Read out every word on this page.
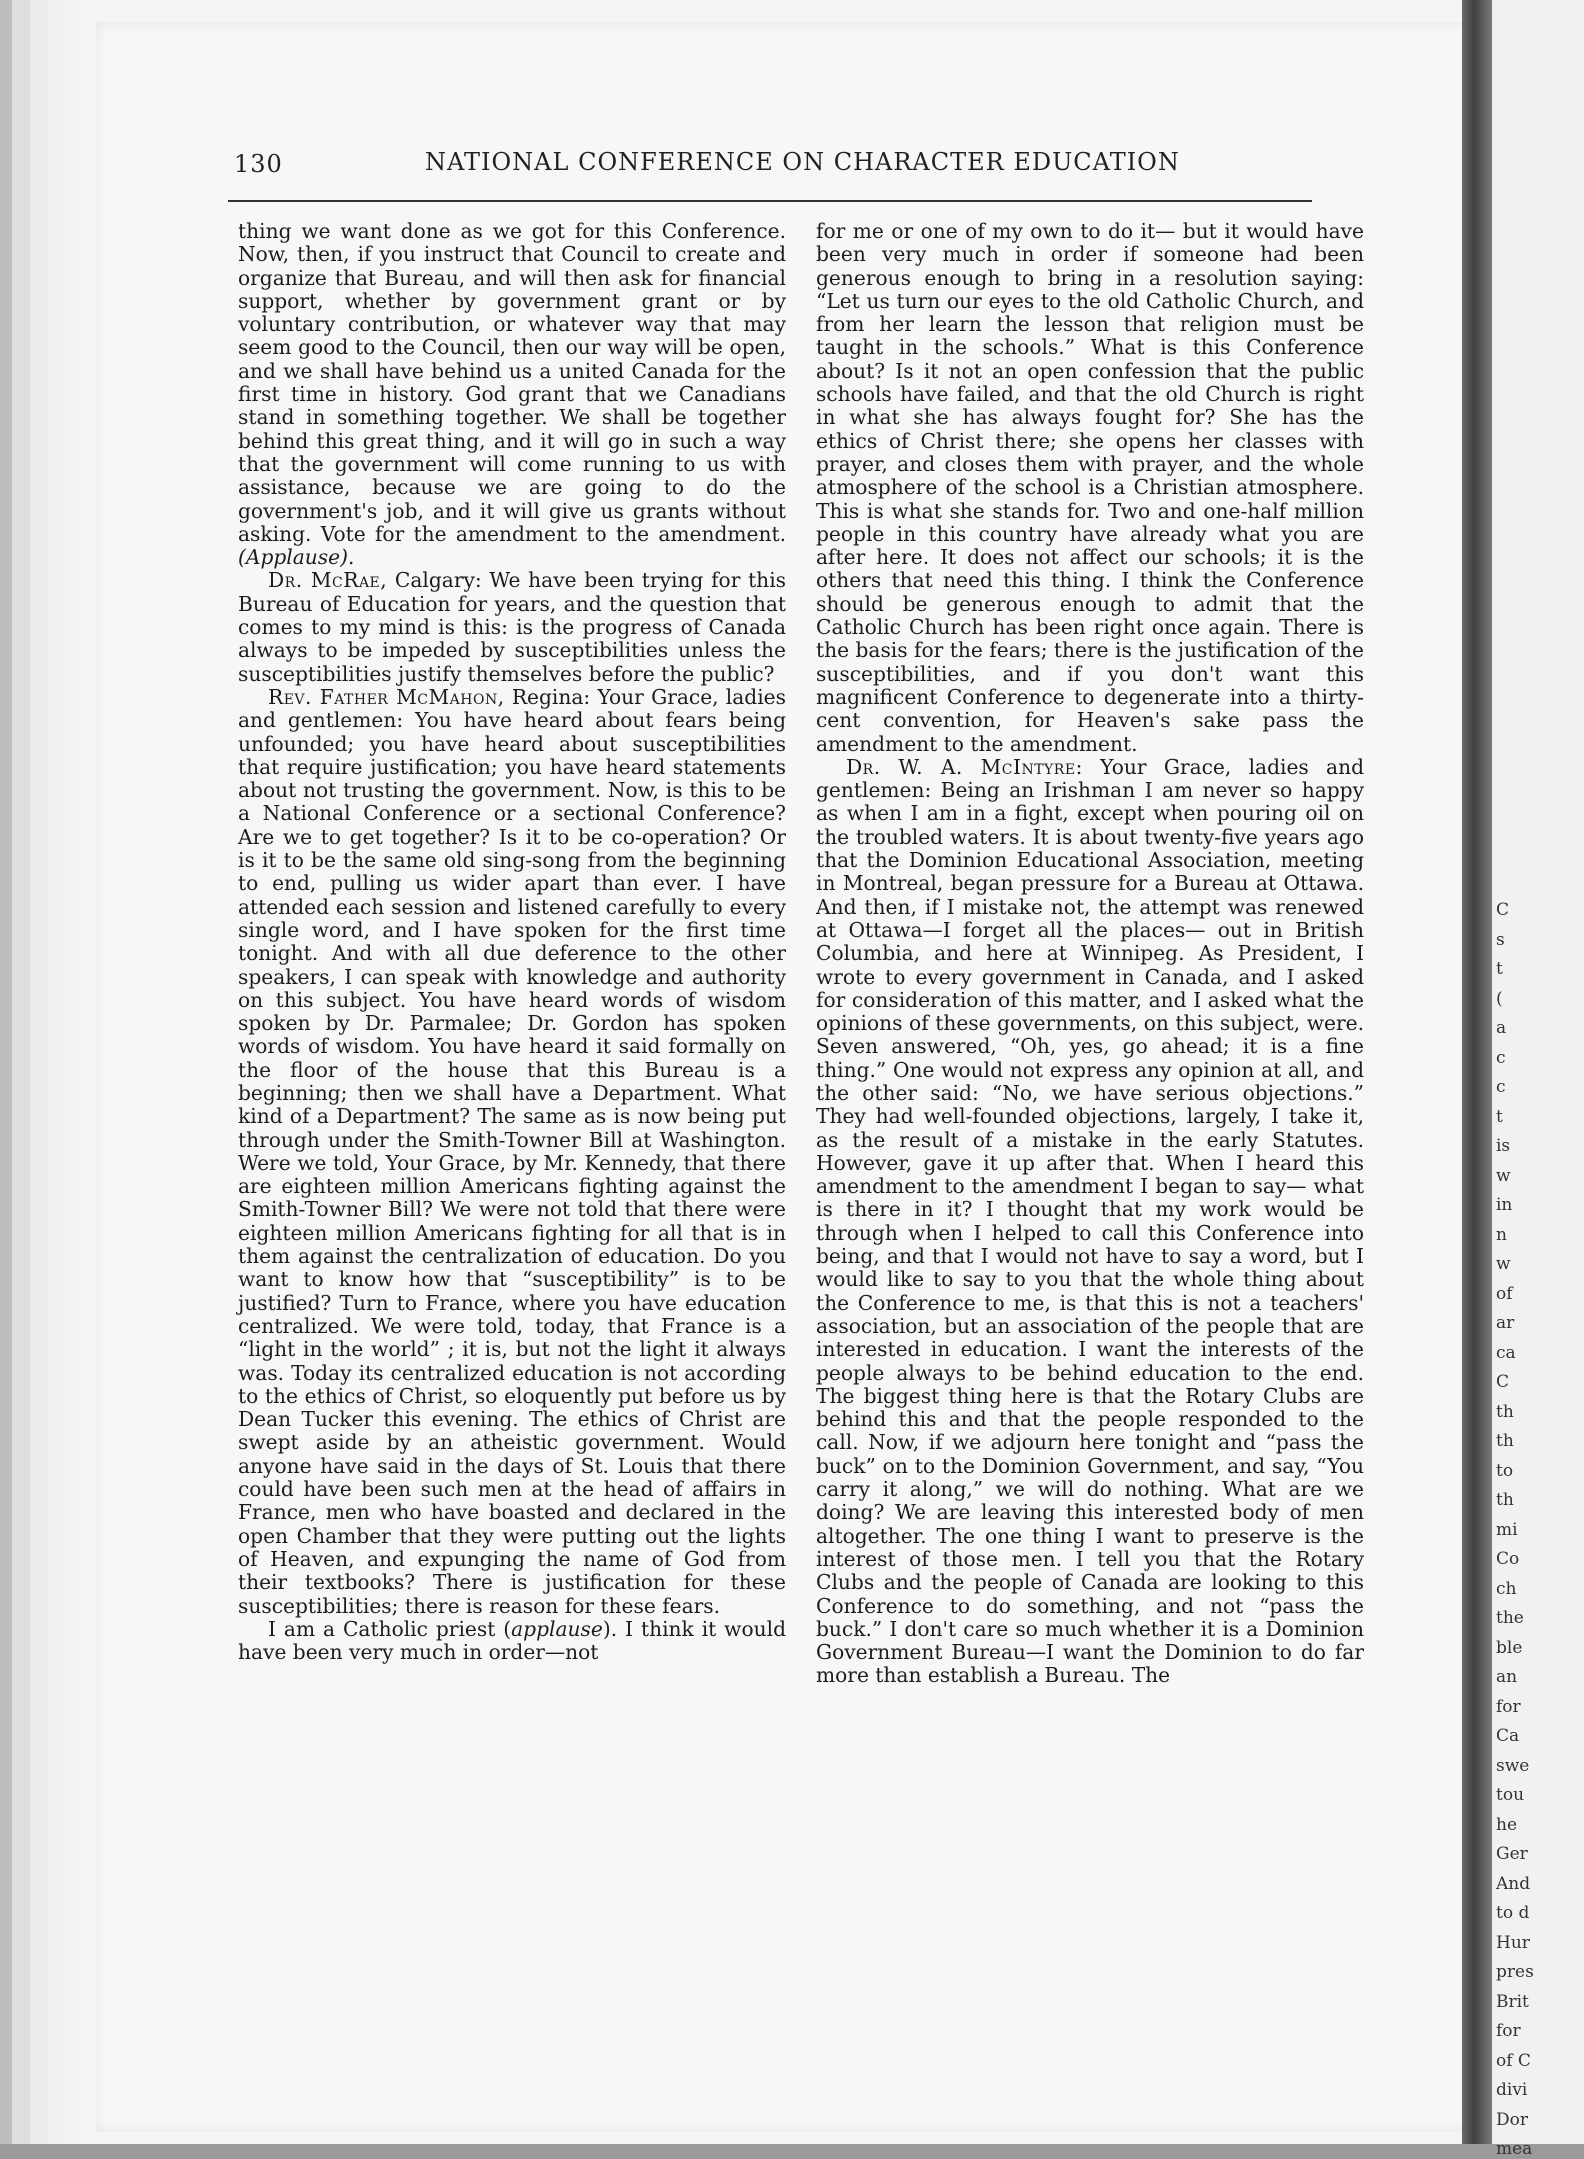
C
s
t
(
a
c
c
t
is
w
in
n
w
of
ar
ca
C
th
th
to
th
mi
Co
ch
the
ble
an
for
Ca
swe
tou
he
Ger
And
to d
Hur
pres
Brit
for
of C
divi
Dor
mea
130	NATIONAL CONFERENCE ON CHARACTER EDUCATION

thing we want done as we got for this Conference. Now, then, if you instruct that Council to create and organize that Bureau, and will then ask for financial support, whether by government grant or by voluntary contribution, or whatever way that may seem good to the Council, then our way will be open, and we shall have behind us a united Canada for the first time in history. God grant that we Canadians stand in something together. We shall be together behind this great thing, and it will go in such a way that the government will come running to us with assistance, because we are going to do the government's job, and it will give us grants without asking. Vote for the amendment to the amendment. (Applause).

Dr. McRae, Calgary: We have been trying for this Bureau of Education for years, and the question that comes to my mind is this: is the progress of Canada always to be impeded by susceptibilities unless the susceptibilities justify themselves before the public?

Rev. Father McMahon, Regina: Your Grace, ladies and gentlemen: You have heard about fears being unfounded; you have heard about susceptibilities that require justification; you have heard statements about not trusting the government. Now, is this to be a National Conference or a sectional Conference? Are we to get together? Is it to be co-operation? Or is it to be the same old sing-song from the beginning to end, pulling us wider apart than ever. I have attended each session and listened carefully to every single word, and I have spoken for the first time tonight. And with all due deference to the other speakers, I can speak with knowledge and authority on this subject. You have heard words of wisdom spoken by Dr. Parmalee; Dr. Gordon has spoken words of wisdom. You have heard it said formally on the floor of the house that this Bureau is a beginning; then we shall have a Department. What kind of a Department? The same as is now being put through under the Smith-Towner Bill at Washington. Were we told, Your Grace, by Mr. Kennedy, that there are eighteen million Americans fighting against the Smith-Towner Bill? We were not told that there were eighteen million Americans fighting for all that is in them against the centralization of education. Do you want to know how that “susceptibility” is to be justified? Turn to France, where you have education centralized. We were told, today, that France is a “light in the world” ; it is, but not the light it always was. Today its centralized education is not according to the ethics of Christ, so eloquently put before us by Dean Tucker this evening. The ethics of Christ are swept aside by an atheistic government. Would anyone have said in the days of St. Louis that there could have been such men at the head of affairs in France, men who have boasted and declared in the open Chamber that they were putting out the lights of Heaven, and expunging the name of God from their textbooks? There is justification for these susceptibilities; there is reason for these fears.

I am a Catholic priest (applause). I think it would have been very much in order—not

for me or one of my own to do it— but it would have been very much in order if someone had been generous enough to bring in a resolution saying: “Let us turn our eyes to the old Catholic Church, and from her learn the lesson that religion must be taught in the schools.” What is this Conference about? Is it not an open confession that the public schools have failed, and that the old Church is right in what she has always fought for? She has the ethics of Christ there; she opens her classes with prayer, and closes them with prayer, and the whole atmosphere of the school is a Christian atmosphere. This is what she stands for. Two and one-half million people in this country have already what you are after here. It does not affect our schools; it is the others that need this thing. I think the Conference should be generous enough to admit that the Catholic Church has been right once again. There is the basis for the fears; there is the justification of the susceptibilities, and if you don't want this magnificent Conference to degenerate into a thirty-cent convention, for Heaven's sake pass the amendment to the amendment.

Dr. W. A. McIntyre: Your Grace, ladies and gentlemen: Being an Irishman I am never so happy as when I am in a fight, except when pouring oil on the troubled waters. It is about twenty-five years ago that the Dominion Educational Association, meeting in Montreal, began pressure for a Bureau at Ottawa. And then, if I mistake not, the attempt was renewed at Ottawa—I forget all the places— out in British Columbia, and here at Winnipeg. As President, I wrote to every government in Canada, and I asked for consideration of this matter, and I asked what the opinions of these governments, on this subject, were. Seven answered, “Oh, yes, go ahead; it is a fine thing.” One would not express any opinion at all, and the other said: “No, we have serious objections.” They had well-founded objections, largely, I take it, as the result of a mistake in the early Statutes. However, gave it up after that. When I heard this amendment to the amendment I began to say— what is there in it? I thought that my work would be through when I helped to call this Conference into being, and that I would not have to say a word, but I would like to say to you that the whole thing about the Conference to me, is that this is not a teachers' association, but an association of the people that are interested in education. I want the interests of the people always to be behind education to the end. The biggest thing here is that the Rotary Clubs are behind this and that the people responded to the call. Now, if we adjourn here tonight and “pass the buck” on to the Dominion Government, and say, “You carry it along,” we will do nothing. What are we doing? We are leaving this interested body of men altogether. The one thing I want to preserve is the interest of those men. I tell you that the Rotary Clubs and the people of Canada are looking to this Conference to do something, and not “pass the buck.” I don't care so much whether it is a Dominion Government Bureau—I want the Dominion to do far more than establish a Bureau. The
